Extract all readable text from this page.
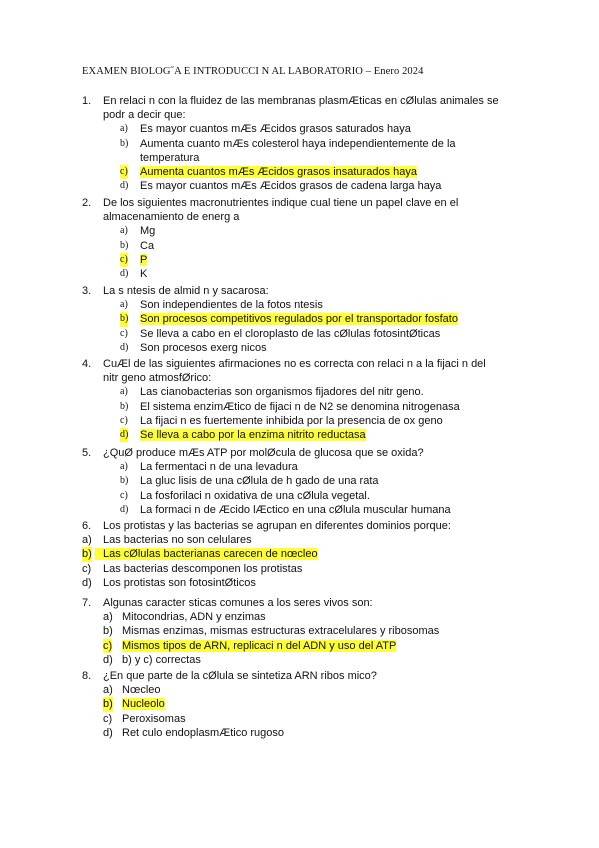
EXAMEN BIOLOG˝A E INTRODUCCI N AL LABORATORIO – Enero 2024
1. En relaci n con la fluidez de las membranas plasmÆticas en cØlulas animales se podr a decir que:
a) Es mayor cuantos mÆs Æcidos grasos saturados haya
b) Aumenta cuanto mÆs colesterol haya independientemente de la temperatura
c) Aumenta cuantos mÆs Æcidos grasos insaturados haya
d) Es mayor cuantos mÆs Æcidos grasos de cadena larga haya
2. De los siguientes macronutrientes indique cual tiene un papel clave en el almacenamiento de energ a
a) Mg
b) Ca
c) P
d) K
3. La s ntesis de almid n y sacarosa:
a) Son independientes de la fotos ntesis
b) Son procesos competitivos regulados por el transportador fosfato
c) Se lleva a cabo en el cloroplasto de las cØlulas fotosintØticas
d) Son procesos exerg nicos
4. CuÆl de las siguientes afirmaciones no es correcta con relaci n a la fijaci n del nitr geno atmosfØrico:
a) Las cianobacterias son organismos fijadores del nitr geno.
b) El sistema enzimÆtico de fijaci n de N2 se denomina nitrogenasa
c) La fijaci n es fuertemente inhibida por la presencia de ox geno
d) Se lleva a cabo por la enzima nitrito reductasa
5. ¿QuØ produce mÆs ATP por molØcula de glucosa que se oxida?
a) La fermentaci n de una levadura
b) La gluc lisis de una cØlula de h gado de una rata
c) La fosforilaci n oxidativa de una cØlula vegetal.
d) La formaci n de Æcido lÆctico en una cØlula muscular humana
6. Los protistas y las bacterias se agrupan en diferentes dominios porque:
a) Las bacterias no son celulares
b) Las cØlulas bacterianas carecen de nœcleo
c) Las bacterias descomponen los protistas
d) Los protistas son fotosintØticos
7. Algunas caracter sticas comunes a los seres vivos son:
a) Mitocondrias, ADN y enzimas
b) Mismas enzimas, mismas estructuras extracelulares y ribosomas
c) Mismos tipos de ARN, replicaci n del ADN y uso del ATP
d) b) y c) correctas
8. ¿En que parte de la cØlula se sintetiza ARN ribos mico?
a) Nœcleo
b) Nucleolo
c) Peroxisomas
d) Ret culo endoplasmÆtico rugoso
